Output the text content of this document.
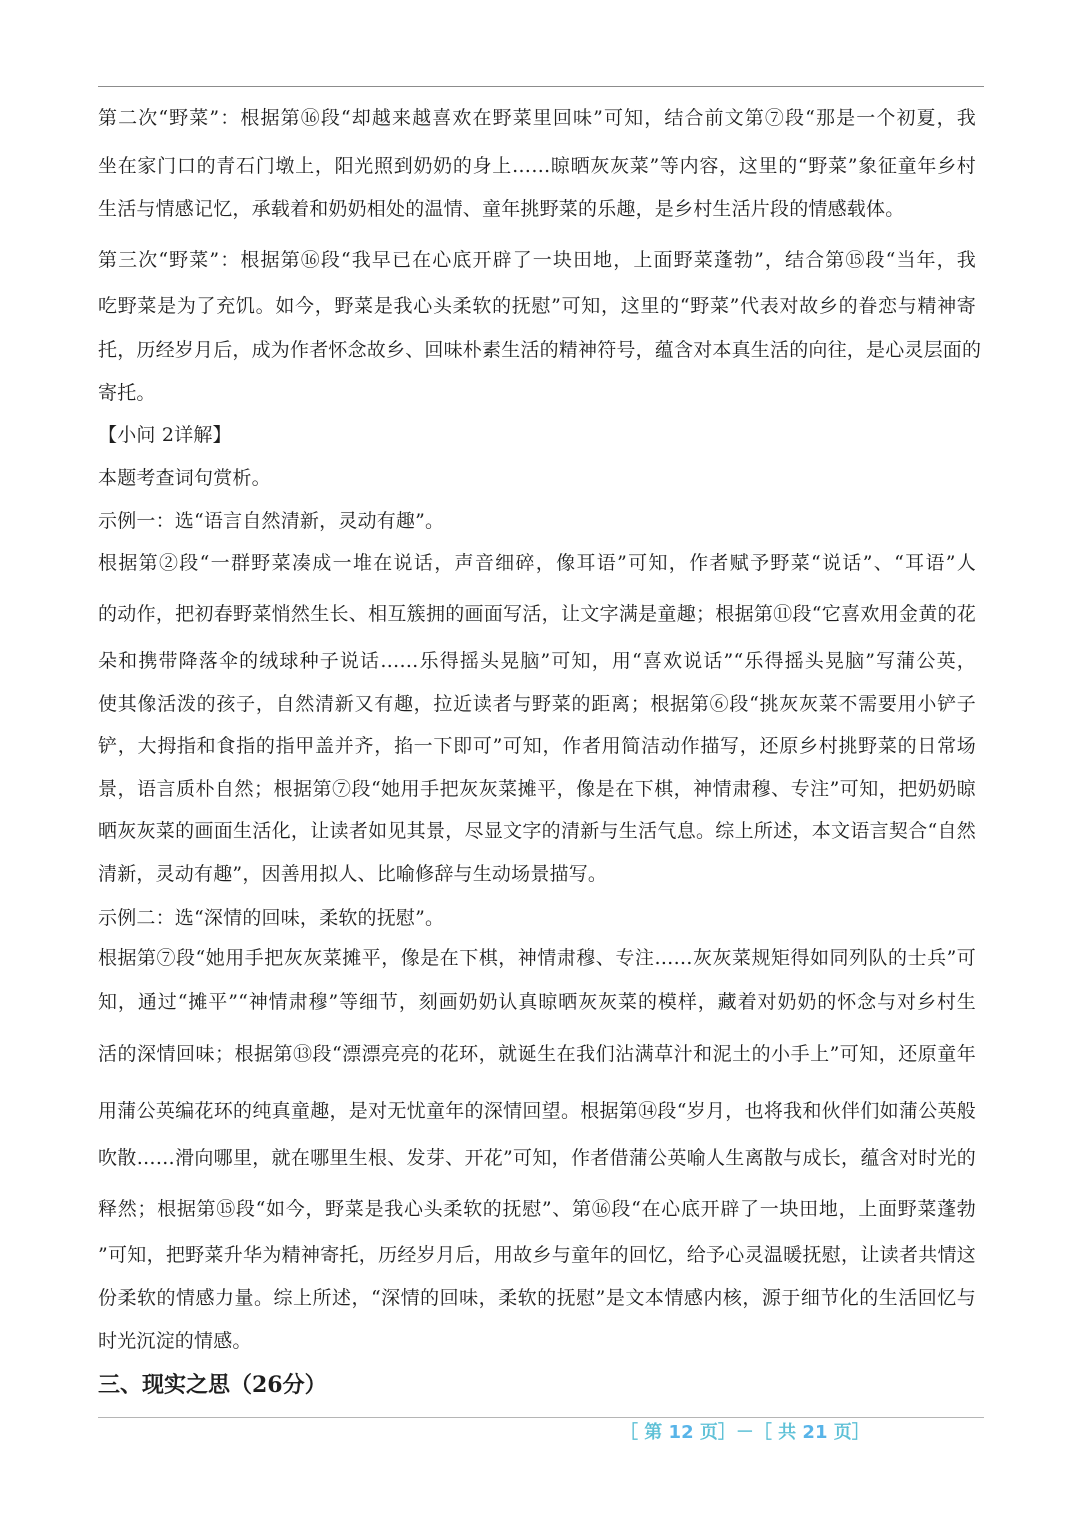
第二次“野菜”：根据第⑯段“却越来越喜欢在野菜里回味”可知，结合前文第⑦段“那是一个初夏，我

坐在家门口的青石门墩上，阳光照到奶奶的身上……晾晒灰灰菜”等内容，这里的“野菜”象征童年乡村

生活与情感记忆，承载着和奶奶相处的温情、童年挑野菜的乐趣，是乡村生活片段的情感载体。

第三次“野菜”：根据第⑯段“我早已在心底开辟了一块田地，上面野菜蓬勃”，结合第⑮段“当年，我

吃野菜是为了充饥。如今，野菜是我心头柔软的抚慰”可知，这里的“野菜”代表对故乡的眷恋与精神寄

托，历经岁月后，成为作者怀念故乡、回味朴素生活的精神符号，蕴含对本真生活的向往，是心灵层面的

寄托。

【小问 2详解】

本题考查词句赏析。

示例一：选“语言自然清新，灵动有趣”。

根据第②段“一群野菜凑成一堆在说话，声音细碎，像耳语”可知，作者赋予野菜“说话”、“耳语”人

的动作，把初春野菜悄然生长、相互簇拥的画面写活，让文字满是童趣；根据第⑪段“它喜欢用金黄的花

朵和携带降落伞的绒球种子说话……乐得摇头晃脑”可知，用“喜欢说话”“乐得摇头晃脑”写蒲公英，

使其像活泼的孩子，自然清新又有趣，拉近读者与野菜的距离；根据第⑥段“挑灰灰菜不需要用小铲子

铲，大拇指和食指的指甲盖并齐，掐一下即可”可知，作者用简洁动作描写，还原乡村挑野菜的日常场

景，语言质朴自然；根据第⑦段“她用手把灰灰菜摊平，像是在下棋，神情肃穆、专注”可知，把奶奶晾

晒灰灰菜的画面生活化，让读者如见其景，尽显文字的清新与生活气息。综上所述，本文语言契合“自然

清新，灵动有趣”，因善用拟人、比喻修辞与生动场景描写。

示例二：选“深情的回味，柔软的抚慰”。

根据第⑦段“她用手把灰灰菜摊平，像是在下棋，神情肃穆、专注……灰灰菜规矩得如同列队的士兵”可

知，通过“摊平”“神情肃穆”等细节，刻画奶奶认真晾晒灰灰菜的模样，藏着对奶奶的怀念与对乡村生

活的深情回味；根据第⑬段“漂漂亮亮的花环，就诞生在我们沾满草汁和泥土的小手上”可知，还原童年

用蒲公英编花环的纯真童趣，是对无忧童年的深情回望。根据第⑭段“岁月，也将我和伙伴们如蒲公英般

吹散……滑向哪里，就在哪里生根、发芽、开花”可知，作者借蒲公英喻人生离散与成长，蕴含对时光的

释然；根据第⑮段“如今，野菜是我心头柔软的抚慰”、第⑯段“在心底开辟了一块田地，上面野菜蓬勃

”可知，把野菜升华为精神寄托，历经岁月后，用故乡与童年的回忆，给予心灵温暖抚慰，让读者共情这

份柔软的情感力量。综上所述，“深情的回味，柔软的抚慰”是文本情感内核，源于细节化的生活回忆与

时光沉淀的情感。

三、现实之思（26分）
［ 第 12 页］－［ 共 21 页］
